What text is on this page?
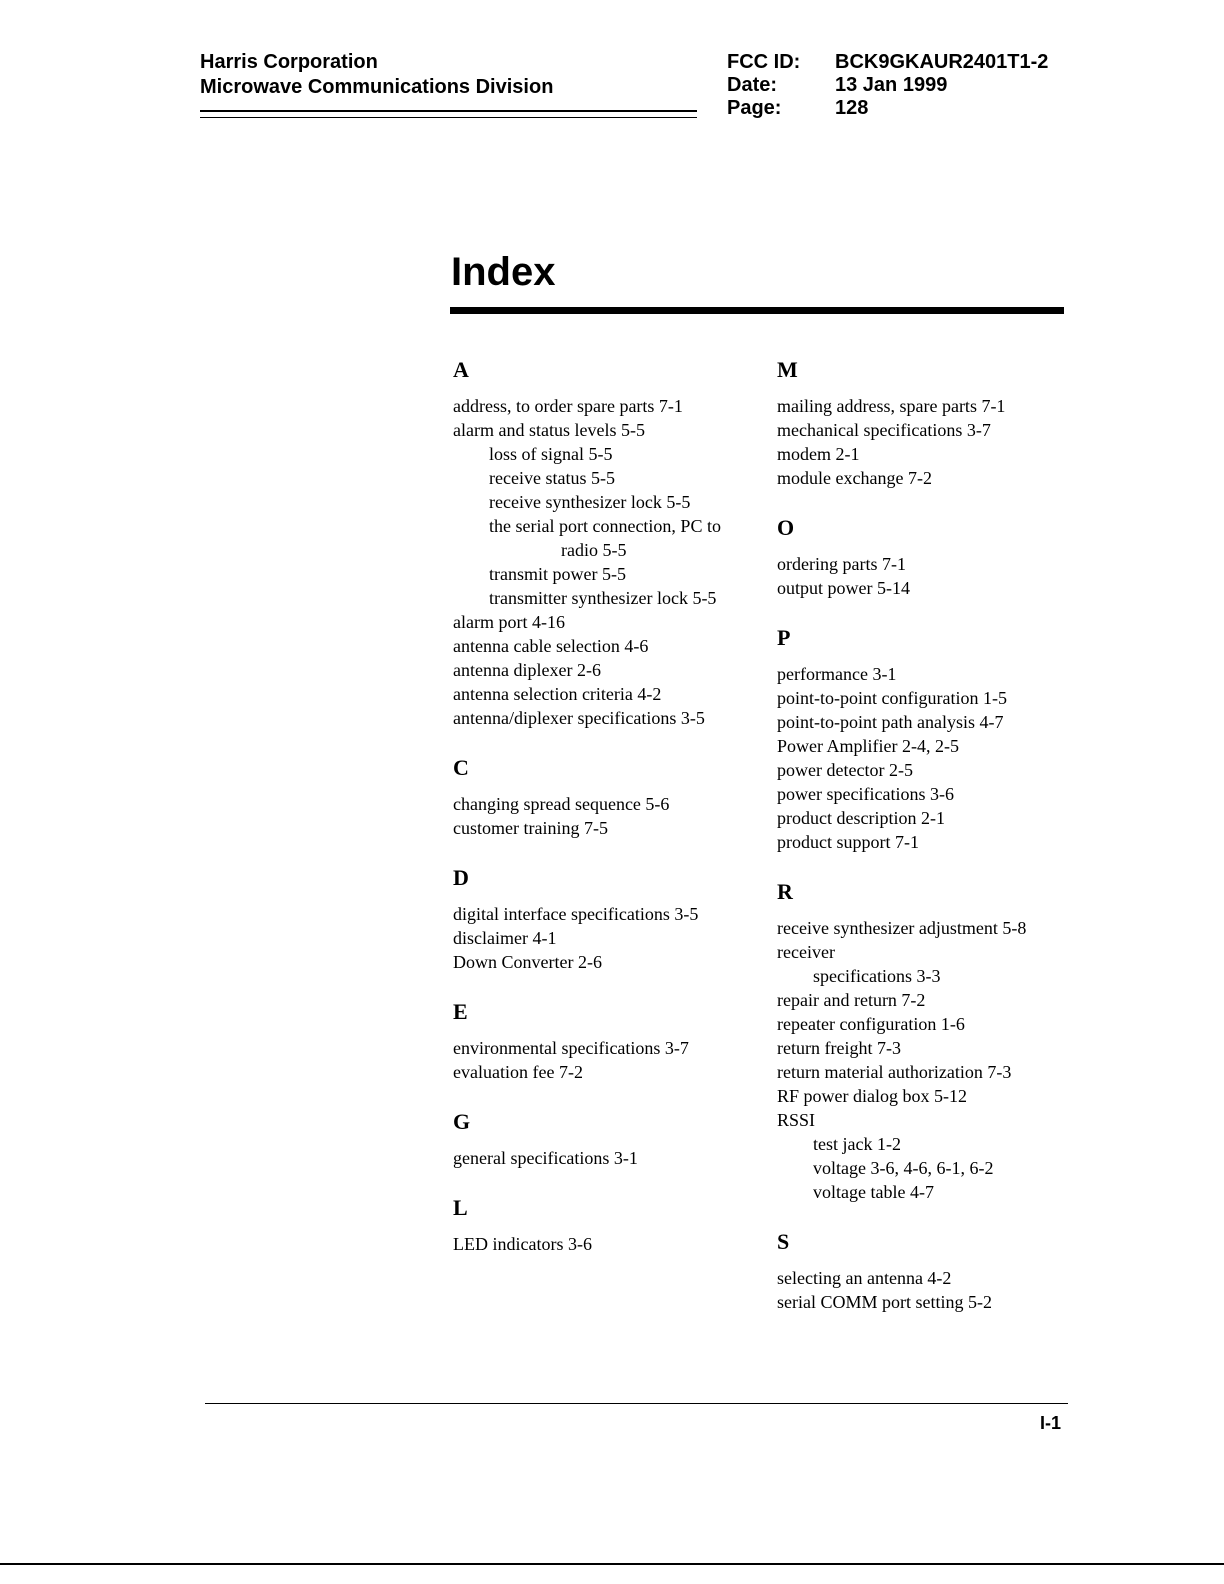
Harris Corporation
Microwave Communications Division
FCC ID:	BCK9GKAUR2401T1-2
Date:	13 Jan 1999
Page:	128
Index
A
address, to order spare parts 7-1
alarm and status levels 5-5
loss of signal 5-5
receive status 5-5
receive synthesizer lock 5-5
the serial port connection, PC to
radio 5-5
transmit power 5-5
transmitter synthesizer lock 5-5
alarm port 4-16
antenna cable selection 4-6
antenna diplexer 2-6
antenna selection criteria 4-2
antenna/diplexer specifications 3-5
C
changing spread sequence 5-6
customer training 7-5
D
digital interface specifications 3-5
disclaimer 4-1
Down Converter 2-6
E
environmental specifications 3-7
evaluation fee 7-2
G
general specifications 3-1
L
LED indicators 3-6
M
mailing address, spare parts 7-1
mechanical specifications 3-7
modem 2-1
module exchange 7-2
O
ordering parts 7-1
output power 5-14
P
performance 3-1
point-to-point configuration 1-5
point-to-point path analysis 4-7
Power Amplifier 2-4, 2-5
power detector 2-5
power specifications 3-6
product description 2-1
product support 7-1
R
receive synthesizer adjustment 5-8
receiver
specifications 3-3
repair and return 7-2
repeater configuration 1-6
return freight 7-3
return material authorization 7-3
RF power dialog box 5-12
RSSI
test jack 1-2
voltage 3-6, 4-6, 6-1, 6-2
voltage table 4-7
S
selecting an antenna 4-2
serial COMM port setting 5-2
I-1
